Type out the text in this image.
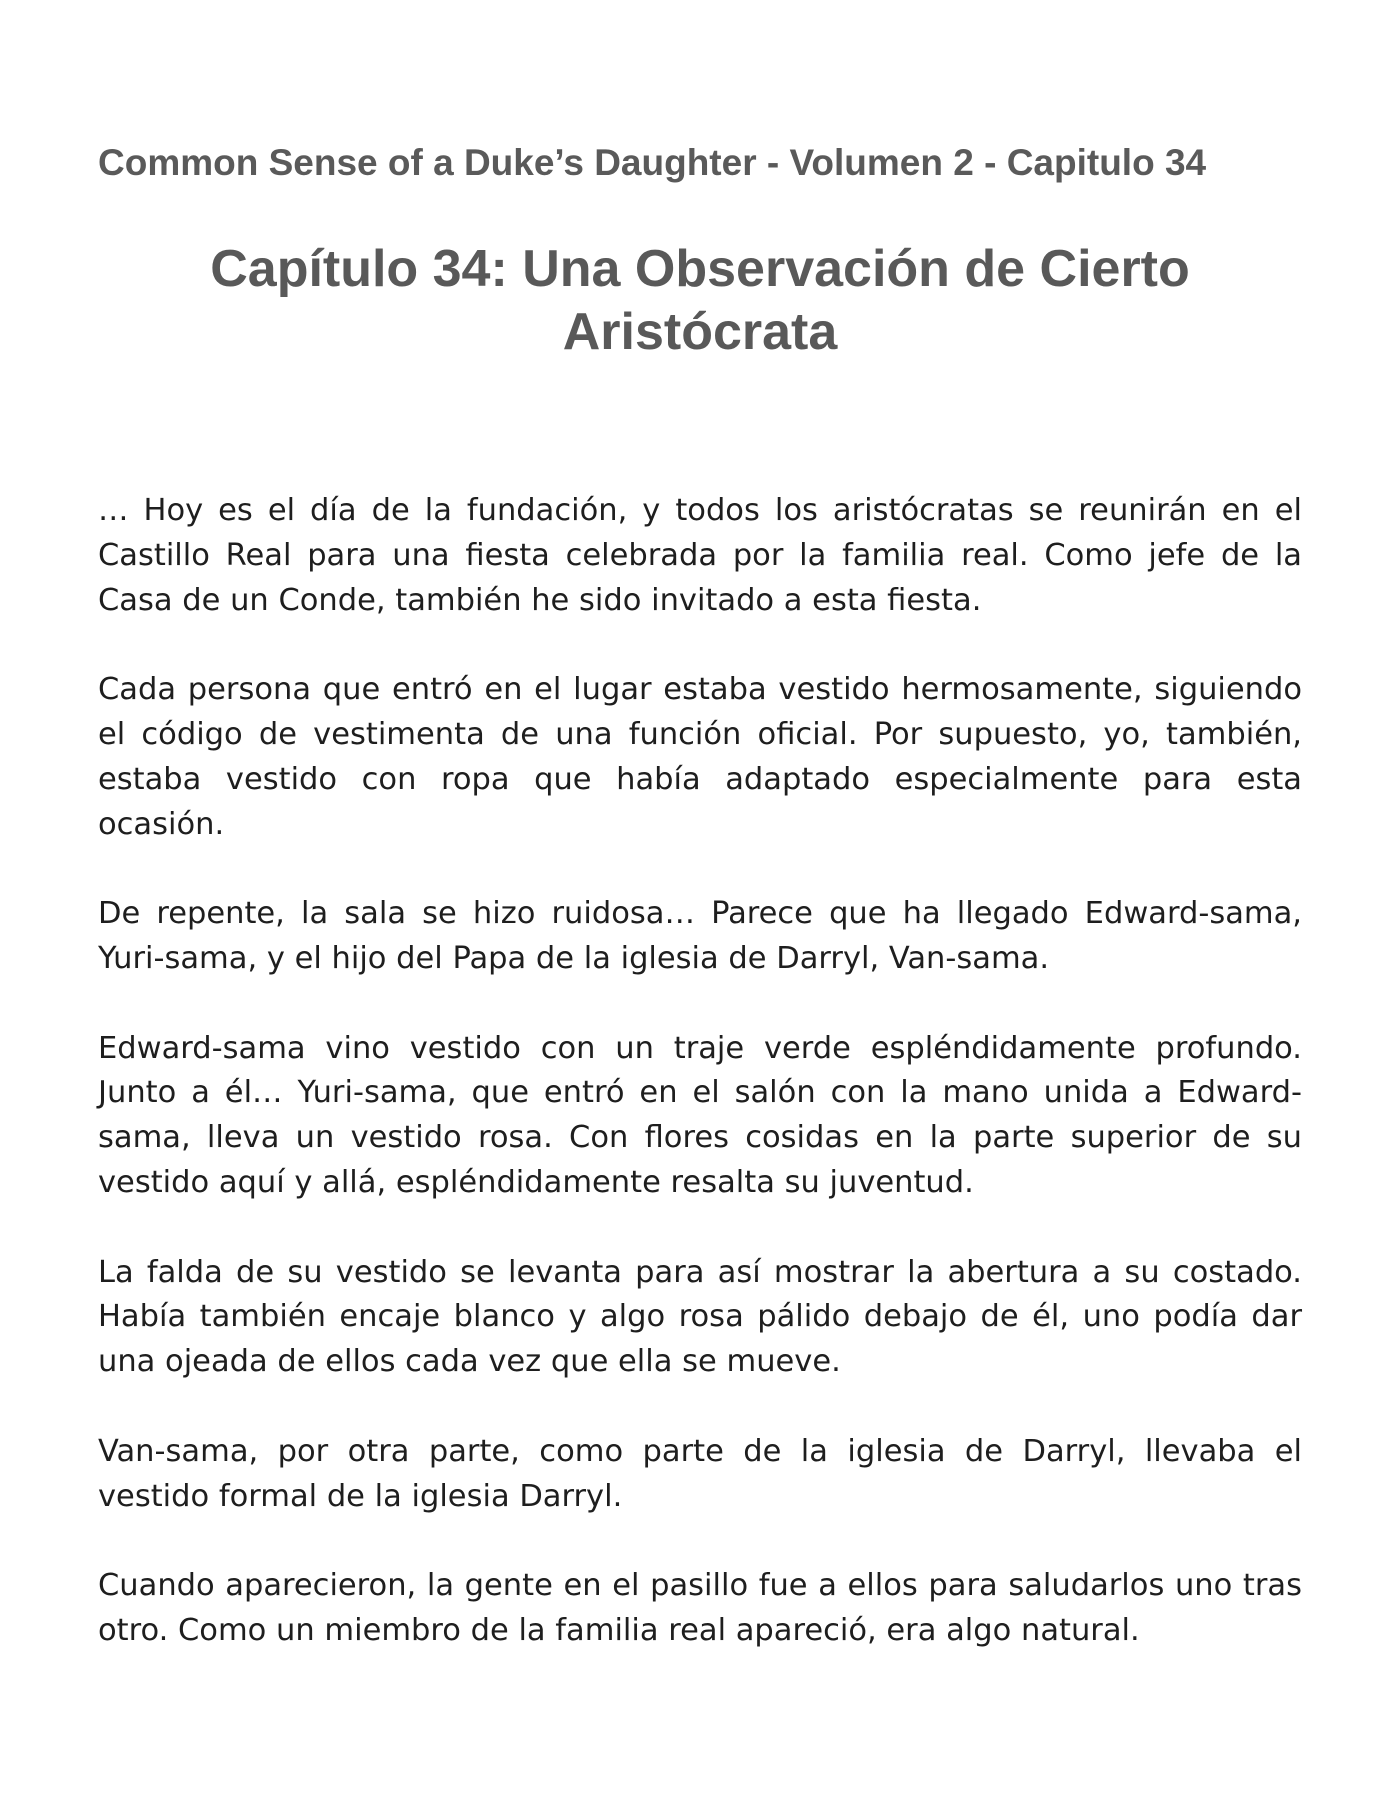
Common Sense of a Duke’s Daughter - Volumen 2 - Capitulo 34
Capítulo 34: Una Observación de Cierto
Aristócrata

… Hoy es el día de la fundación, y todos los aristócratas se reunirán en el Castillo Real para una fiesta celebrada por la familia real. Como jefe de la Casa de un Conde, también he sido invitado a esta fiesta.

Cada persona que entró en el lugar estaba vestido hermosamente, siguiendo el código de vestimenta de una función oficial. Por supuesto, yo, también, estaba vestido con ropa que había adaptado especialmente para esta ocasión.

De repente, la sala se hizo ruidosa… Parece que ha llegado Edward-sama, Yuri-sama, y el hijo del Papa de la iglesia de Darryl, Van-sama.

Edward-sama vino vestido con un traje verde espléndidamente profundo. Junto a él… Yuri-sama, que entró en el salón con la mano unida a Edward-sama, lleva un vestido rosa. Con flores cosidas en la parte superior de su vestido aquí y allá, espléndidamente resalta su juventud.

La falda de su vestido se levanta para así mostrar la abertura a su costado. Había también encaje blanco y algo rosa pálido debajo de él, uno podía dar una ojeada de ellos cada vez que ella se mueve.

Van-sama, por otra parte, como parte de la iglesia de Darryl, llevaba el vestido formal de la iglesia Darryl.

Cuando aparecieron, la gente en el pasillo fue a ellos para saludarlos uno tras otro. Como un miembro de la familia real apareció, era algo natural.
